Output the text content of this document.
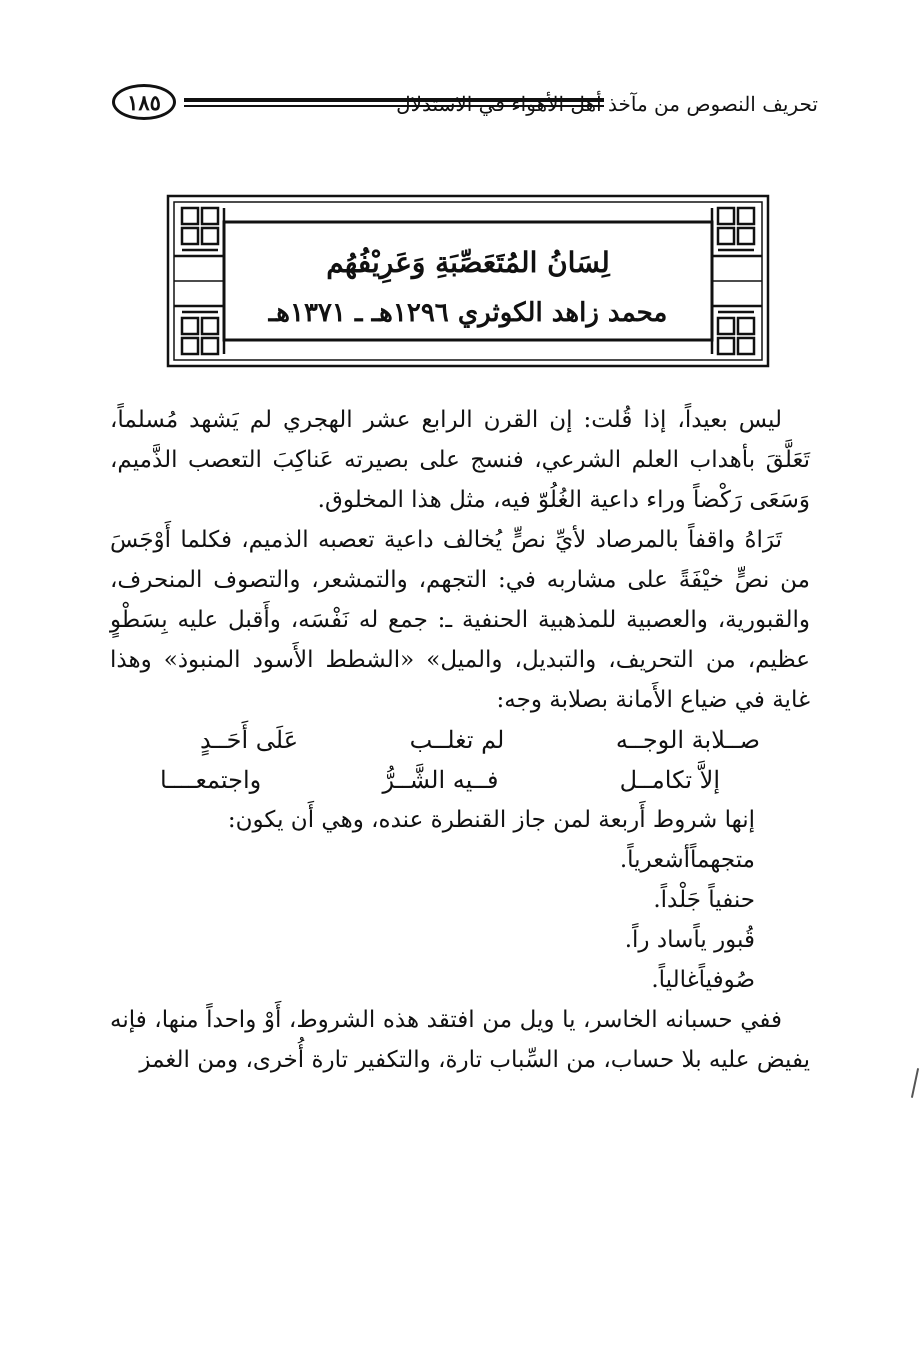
١٨٥	تحريف النصوص من مآخذ أهل الأهواء في الاستدلال
لِسَانُ المُتَعَصِّبَةِ وَعَرِيْفُهُم
محمد زاهد الكوثري ١٢٩٦هـ ـ ١٣٧١هـ

ليس بعيداً، إذا قُلت: إن القرن الرابع عشر الهجري لم يَشهد مُسلماً، تَعَلَّقَ بأهداب العلم الشرعي، فنسج على بصيرته عَناكِبَ التعصب الذَّميم، وَسَعَى رَكْضاً وراء داعية الغُلُوّ فيه، مثل هذا المخلوق.

تَرَاهُ واقفاً بالمرصاد لأيِّ نصٍّ يُخالف داعية تعصبه الذميم، فكلما أَوْجَسَ من نصٍّ خيْفَةً على مشاربه في: التجهم، والتمشعر، والتصوف المنحرف، والقبورية، والعصبية للمذهبية الحنفية ـ: جمع له نَفْسَه، وأَقبل عليه بِسَطْوٍ عظيم، من التحريف، والتبديل، والميل» «الشطط الأَسود المنبوذ» وهذا غاية في ضياع الأَمانة بصلابة وجه:

صــلابة الوجــه
لم تغلــب
عَلَى أَحَــدٍ
إلاَّ تكامــل
فــيه الشَّــرُّ
واجتمعــــا

إنها شروط أَربعة لمن جاز القنطرة عنده، وهي أَن يكون:

متجهماًأشعرياً.

حنفياً جَلْداً.

قُبور ياًساد راً.

صُوفياًغالياً.

ففي حسبانه الخاسر، يا ويل من افتقد هذه الشروط، أَوْ واحداً منها، فإنه يفيض عليه بلا حساب، من السِّباب تارة، والتكفير تارة أُخرى، ومن الغمز
